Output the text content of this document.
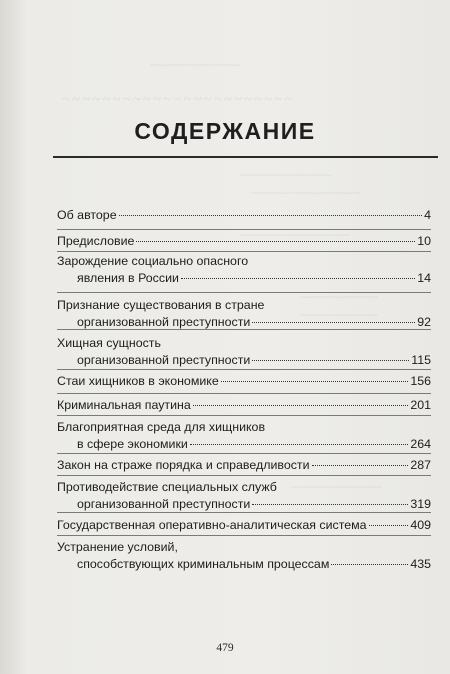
~~~~~~~~~~~~~~
~~~~~~~~~~~~~~~~~~~~~~~
~~~~~~~~~~~~~~
~~~~~~~~~~~~~~~~~
~~~~~~~~~~~~~~~~~
~~~~~~~~~~~~
~~~~~~~~~~~~
~~~~~~~~~~~~~~
СОДЕРЖАНИЕ
Об авторе	4
Предисловие	10
Зарождение социально опасного
явления в России	14
Признание существования в стране
организованной преступности	92
Хищная сущность
организованной преступности	115
Стаи хищников в экономике	156
Криминальная паутина	201
Благоприятная среда для хищников
в сфере экономики	264
Закон на страже порядка и справедливости	287
Противодействие специальных служб
организованной преступности	319
Государственная оперативно-аналитическая система	409
Устранение условий,
способствующих криминальным процессам	435
479
